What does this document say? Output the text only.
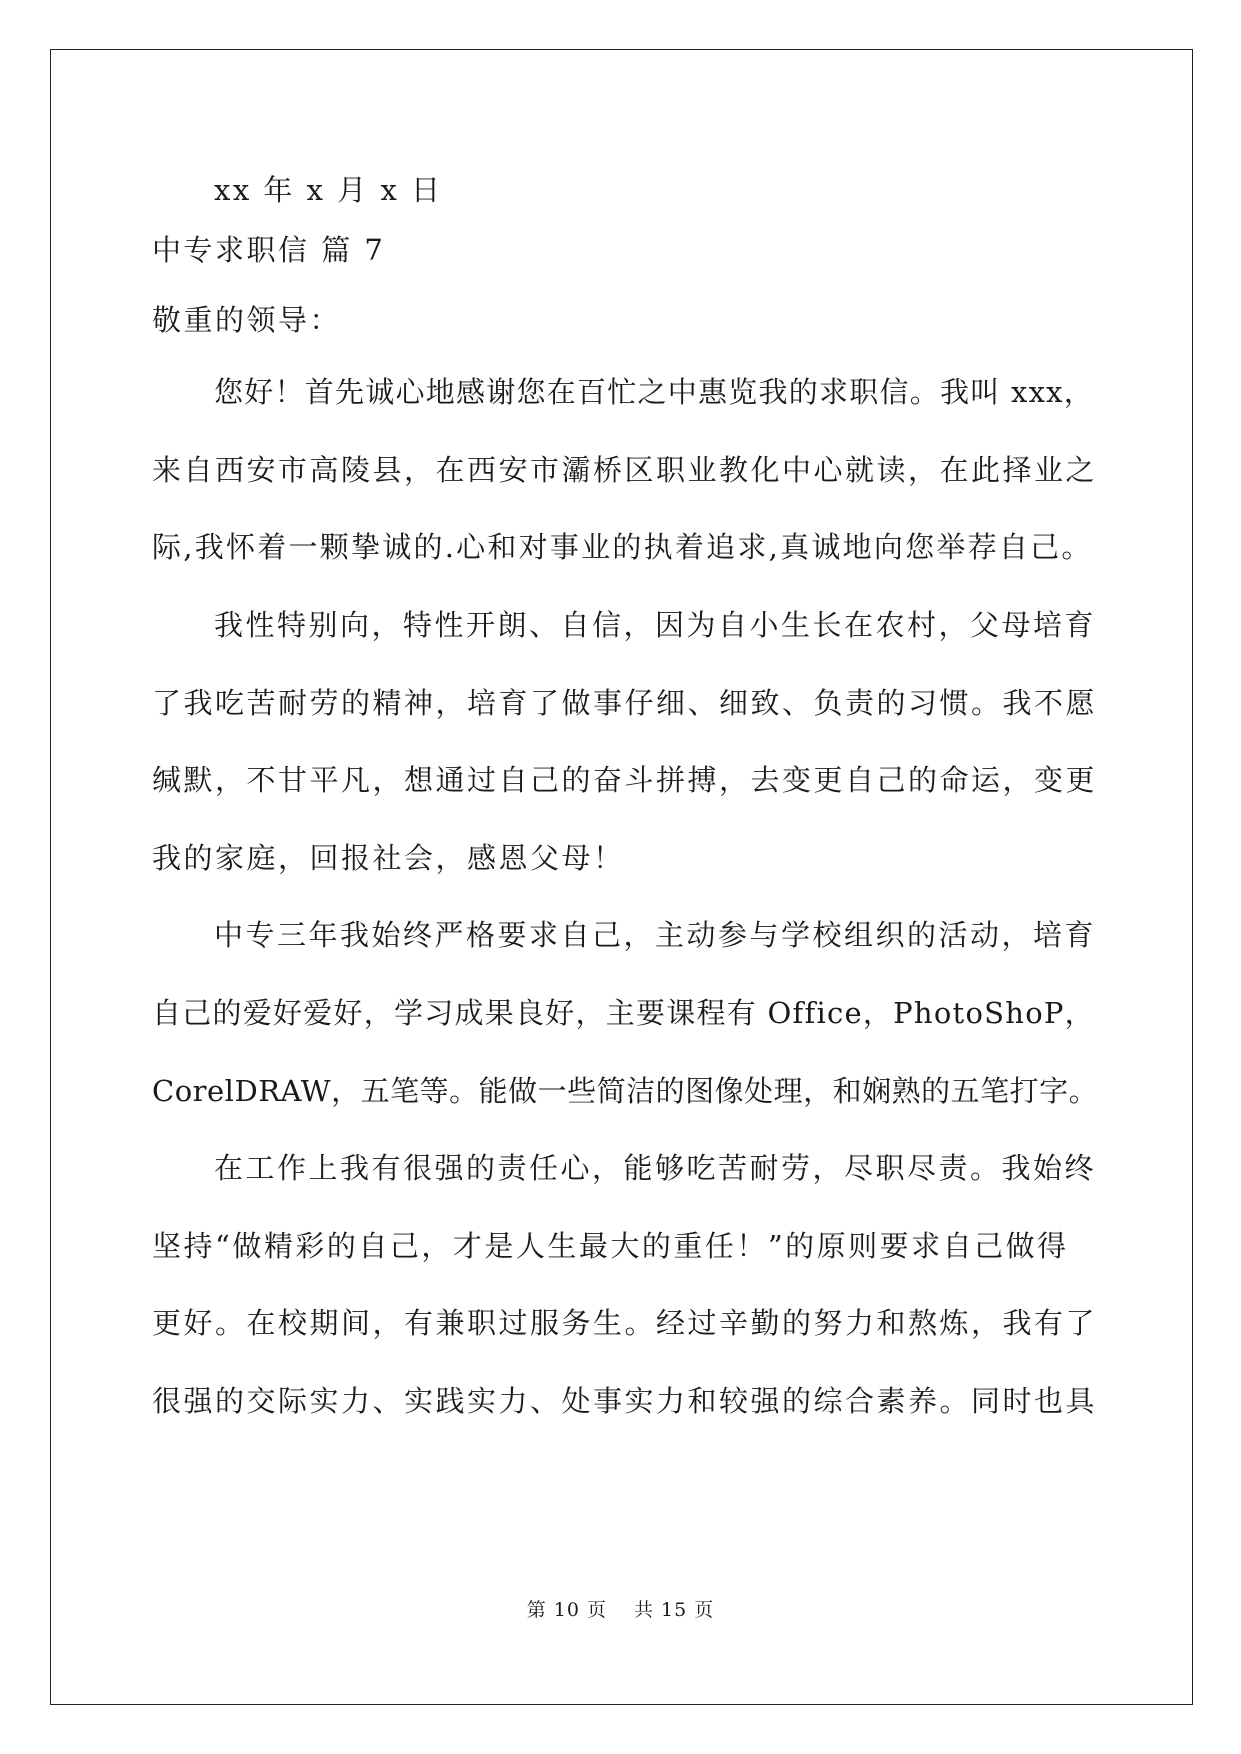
xx 年 x 月 x 日
中专求职信 篇 7
敬重的领导：
您好！首先诚心地感谢您在百忙之中惠览我的求职信。我叫 xxx，
来自西安市高陵县，在西安市灞桥区职业教化中心就读，在此择业之
际,我怀着一颗挚诚的.心和对事业的执着追求,真诚地向您举荐自己。
我性特别向，特性开朗、自信，因为自小生长在农村，父母培育
了我吃苦耐劳的精神，培育了做事仔细、细致、负责的习惯。我不愿
缄默，不甘平凡，想通过自己的奋斗拼搏，去变更自己的命运，变更
我的家庭，回报社会，感恩父母！
中专三年我始终严格要求自己，主动参与学校组织的活动，培育
自己的爱好爱好，学习成果良好，主要课程有 Office，PhotoShoP，
CorelDRAW，五笔等。能做一些简洁的图像处理，和娴熟的五笔打字。
在工作上我有很强的责任心，能够吃苦耐劳，尽职尽责。我始终
坚持“做精彩的自己，才是人生最大的重任！”的原则要求自己做得
更好。在校期间，有兼职过服务生。经过辛勤的努力和熬炼，我有了
很强的交际实力、实践实力、处事实力和较强的综合素养。同时也具
第 10 页　 共 15 页
